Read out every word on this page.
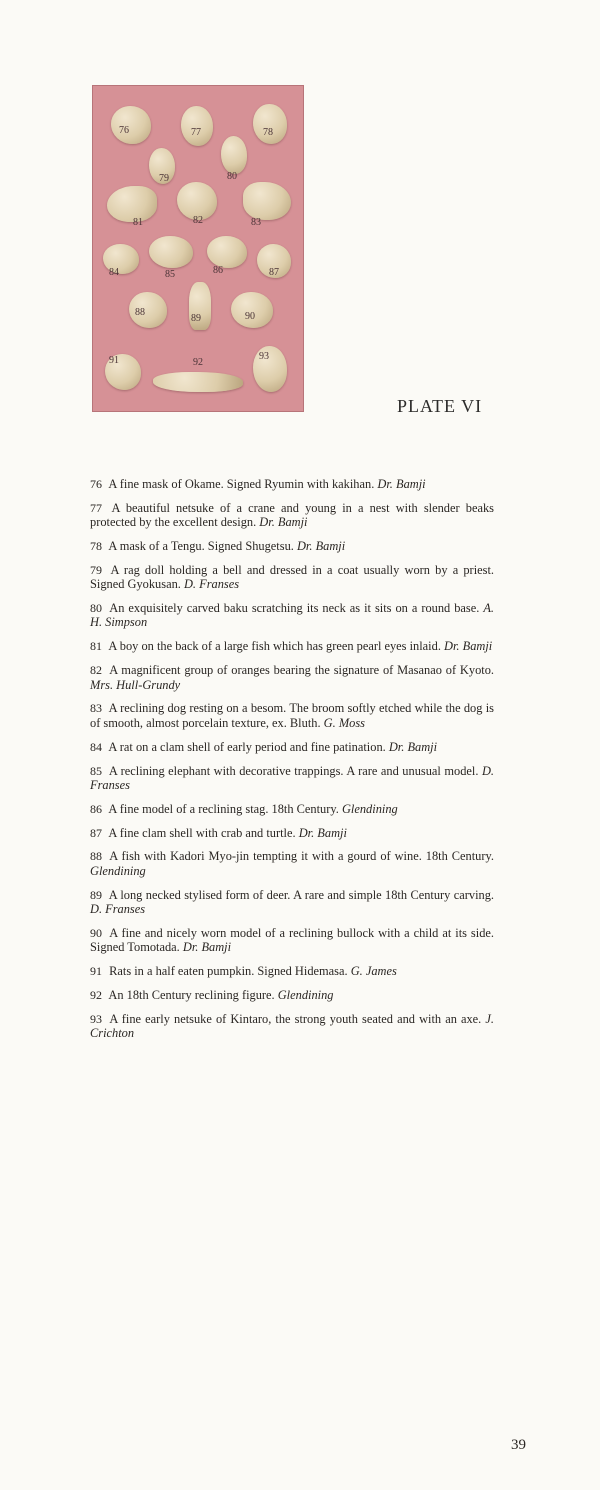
76	77	78
79	80
81	82	83
84	85	86	87
88
89	90
91	92
93
PLATE VI
76 A fine mask of Okame. Signed Ryumin with kakihan. Dr. Bamji
77 A beautiful netsuke of a crane and young in a nest with slender beaks protected by the excellent design. Dr. Bamji
78 A mask of a Tengu. Signed Shugetsu. Dr. Bamji
79 A rag doll holding a bell and dressed in a coat usually worn by a priest. Signed Gyokusan. D. Franses
80 An exquisitely carved baku scratching its neck as it sits on a round base. A. H. Simpson
81 A boy on the back of a large fish which has green pearl eyes inlaid. Dr. Bamji
82 A magnificent group of oranges bearing the signature of Masanao of Kyoto. Mrs. Hull-Grundy
83 A reclining dog resting on a besom. The broom softly etched while the dog is of smooth, almost porcelain texture, ex. Bluth. G. Moss
84 A rat on a clam shell of early period and fine patination. Dr. Bamji
85 A reclining elephant with decorative trappings. A rare and unusual model. D. Franses
86 A fine model of a reclining stag. 18th Century. Glendining
87 A fine clam shell with crab and turtle. Dr. Bamji
88 A fish with Kadori Myo-jin tempting it with a gourd of wine. 18th Century. Glendining
89 A long necked stylised form of deer. A rare and simple 18th Century carving. D. Franses
90 A fine and nicely worn model of a reclining bullock with a child at its side. Signed Tomotada. Dr. Bamji
91 Rats in a half eaten pumpkin. Signed Hidemasa. G. James
92 An 18th Century reclining figure. Glendining
93 A fine early netsuke of Kintaro, the strong youth seated and with an axe. J. Crichton
39
